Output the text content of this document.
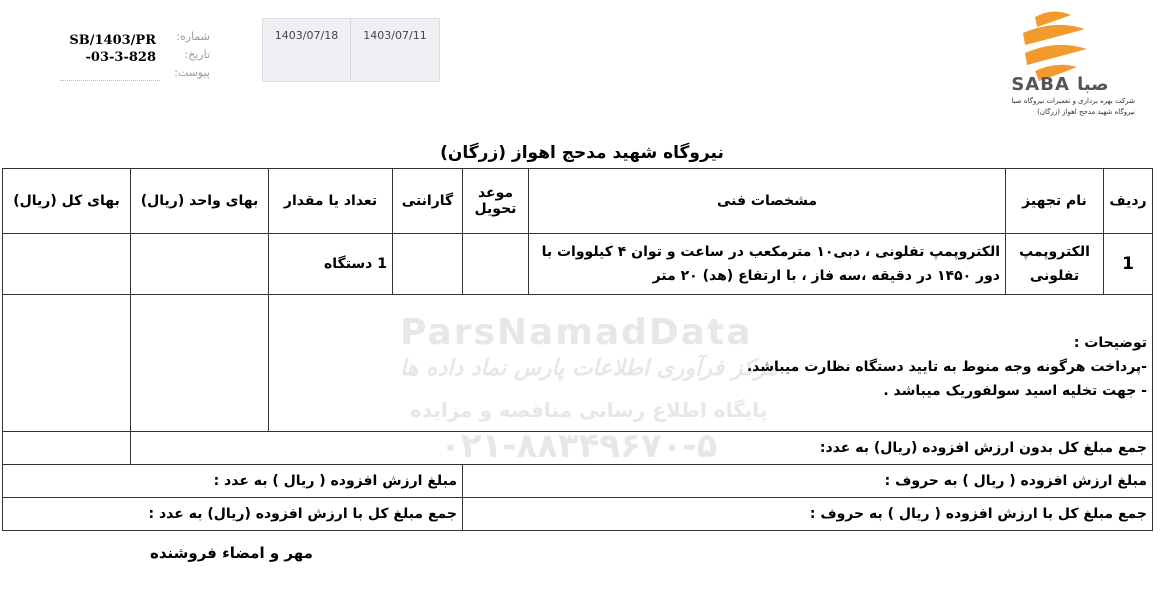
شماره:
تاریخ:
پیوست:
SB/1403/PR-03-3-828
1403/07/18	1403/07/11
SABA صبا
شرکت بهره برداری و تعمیرات نیروگاه صبا
نیروگاه شهید مدحج اهواز (زرگان)
ParsNamadData
مرکز فرآوری اطلاعات پارس نماد داده ها
پایگاه اطلاع رسانی مناقصه و مزایده
۰۲۱-۸۸۳۴۹۶۷۰-۵
نیروگاه شهید مدحج اهواز (زرگان)
بهای کل (ریال)	بهای واحد (ریال)	تعداد یا مقدار	گارانتی	موعد تحویل	مشخصات فنی	نام تجهیز	ردیف
		1 دستگاه			الکتروپمپ تفلونی ، دبی۱۰ مترمکعب در ساعت و توان ۴ کیلووات با دور ۱۴۵۰ در دقیقه ،سه فاز ، با ارتفاع (هد) ۲۰ متر	الکتروپمپ تفلونی	1

		توضیحات :
-پرداخت هرگونه وجه منوط به تایید دستگاه نظارت میباشد.
- جهت تخلیه اسید سولفوریک میباشد .					

	جمع مبلغ کل بدون ارزش افزوده (ریال) به عدد:						
مبلغ ارزش افزوده ( ریال ) به عدد :				مبلغ ارزش افزوده ( ریال ) به حروف :			
جمع مبلغ کل با ارزش افزوده (ریال) به عدد :				جمع مبلغ کل با ارزش افزوده ( ریال ) به حروف :			
مهر و امضاء فروشنده
